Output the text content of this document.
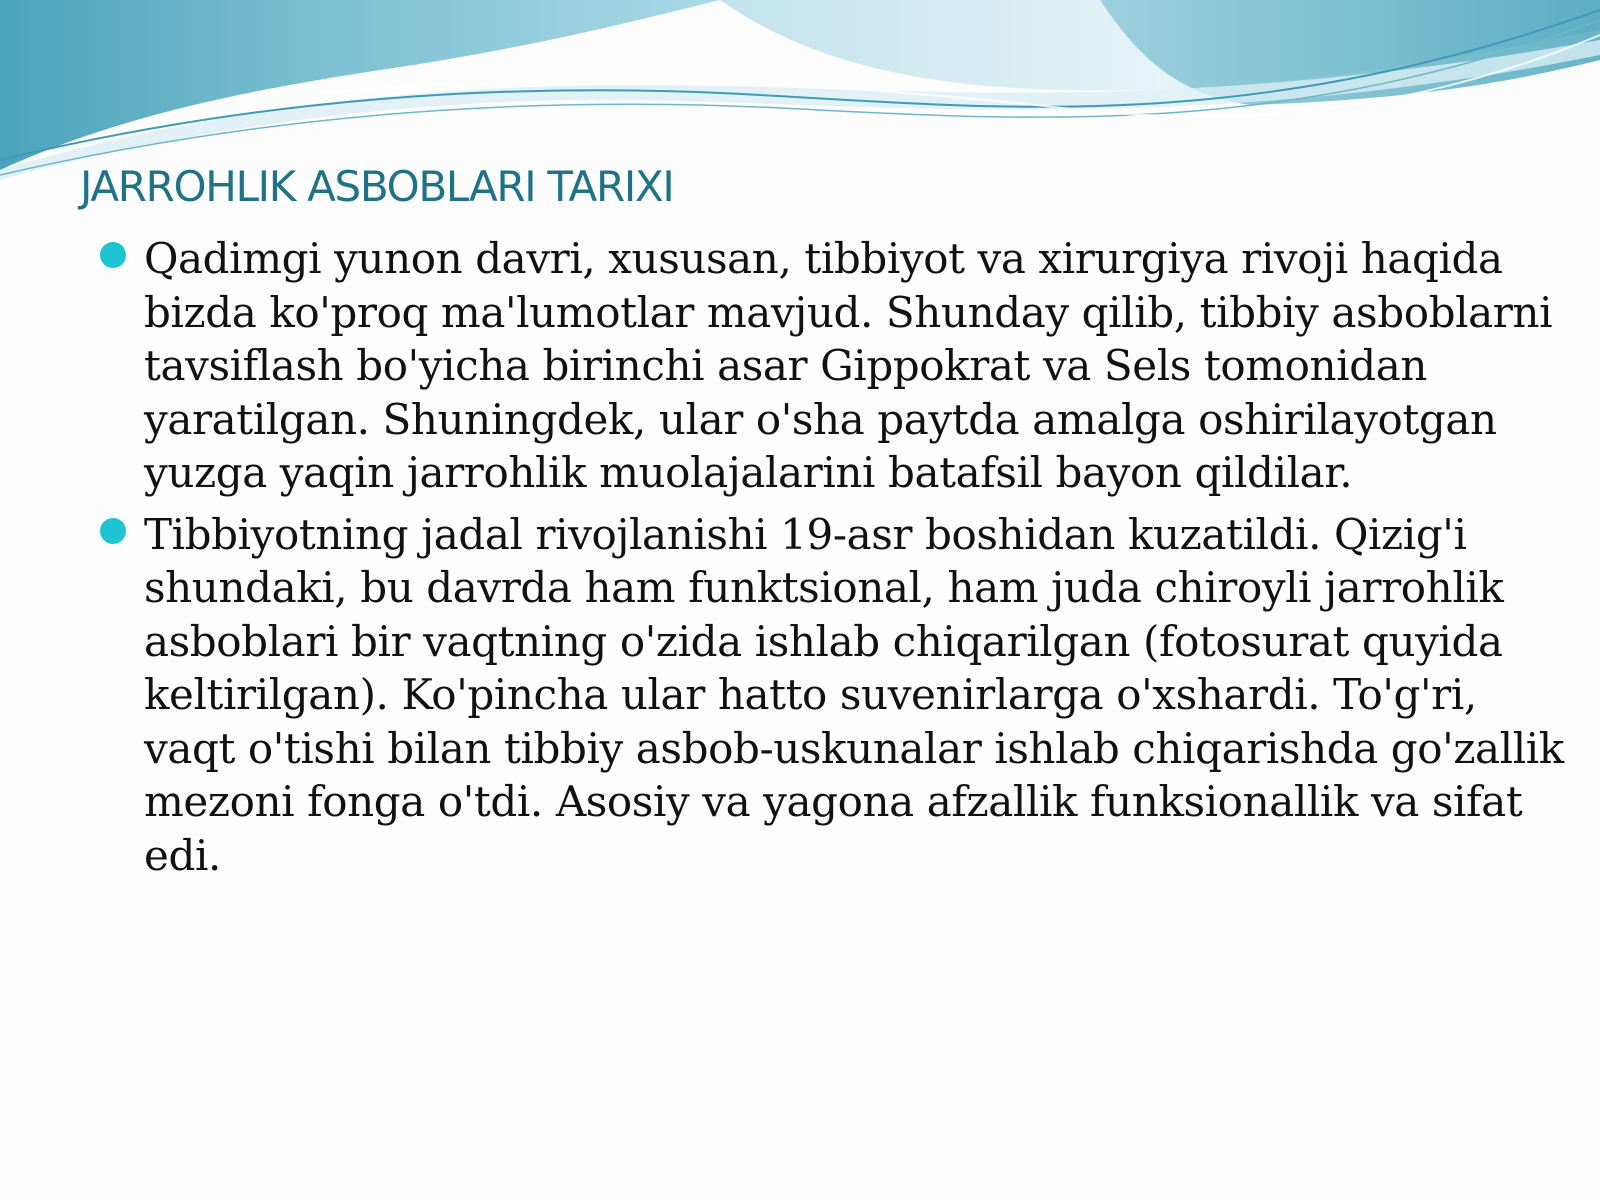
JARROHLIK ASBOBLARI TARIXI
Qadimgi yunon davri, xususan, tibbiyot va xirurgiya rivoji haqida bizda ko'proq ma'lumotlar mavjud. Shunday qilib, tibbiy asboblarni tavsiflash bo'yicha birinchi asar Gippokrat va Sels tomonidan yaratilgan. Shuningdek, ular o'sha paytda amalga oshirilayotgan yuzga yaqin jarrohlik muolajalarini batafsil bayon qildilar.
Tibbiyotning jadal rivojlanishi 19-asr boshidan kuzatildi. Qizig'i shundaki, bu davrda ham funktsional, ham juda chiroyli jarrohlik asboblari bir vaqtning o'zida ishlab chiqarilgan (fotosurat quyida keltirilgan). Ko'pincha ular hatto suvenirlarga o'xshardi. To'g'ri, vaqt o'tishi bilan tibbiy asbob-uskunalar ishlab chiqarishda go'zallik mezoni fonga o'tdi. Asosiy va yagona afzallik funksionallik va sifat edi.
